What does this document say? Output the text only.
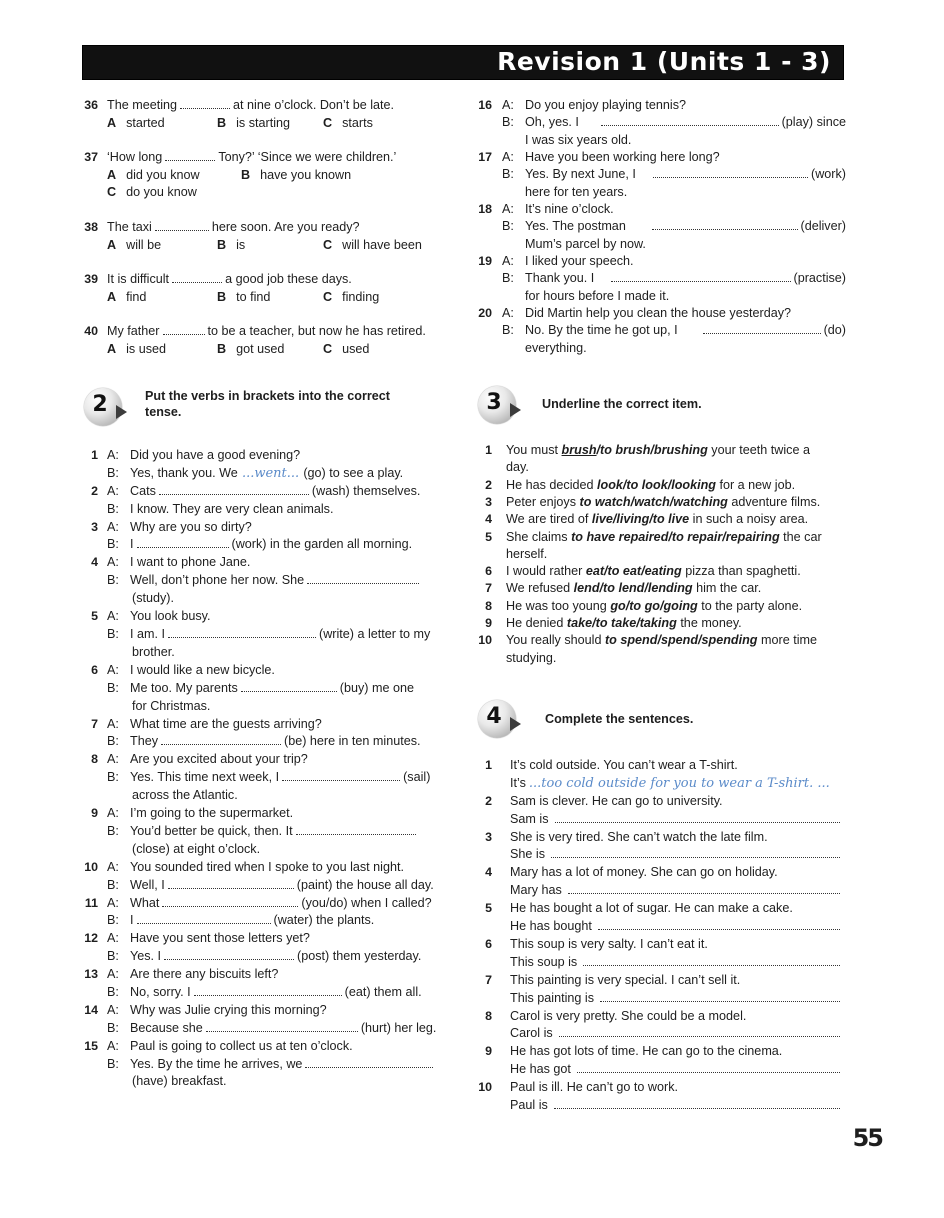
Revision 1 (Units 1 - 3)
36 The meeting	at nine o’clock. Don’t be late.
A started	B is starting	C starts
37 ‘How long	Tony?’ ‘Since we were children.’
A did you know	B have you known
C do you know
38 The taxi	here soon. Are you ready?
A will be	B is	C will have been
39 It is difficult	a good job these days.
A find	B to find	C finding
40 My father	to be a teacher, but now he has retired.
A is used	B got used	C used
16 A: Do you enjoy playing tennis?
B: Oh, yes. I	(play) since
I was six years old.
17 A: Have you been working here long?
B: Yes. By next June, I	(work)
here for ten years.
18 A: It’s nine o’clock.
B: Yes. The postman	(deliver)
Mum’s parcel by now.
19 A: I liked your speech.
B: Thank you. I	(practise)
for hours before I made it.
20 A: Did Martin help you clean the house yesterday?
B: No. By the time he got up, I	(do)
everything.
2	Put the verbs in brackets into the correct
tense.
1 A: Did you have a good evening?
B: Yes, thank you. We ...went... (go) to see a play.
2 A: Cats	(wash) themselves.
B: I know. They are very clean animals.
3 A: Why are you so dirty?
B: I	(work) in the garden all morning.
4 A: I want to phone Jane.
B: Well, don’t phone her now. She
(study).
5 A: You look busy.
B: I am. I	(write) a letter to my
brother.
6 A: I would like a new bicycle.
B: Me too. My parents	(buy) me one
for Christmas.
7 A: What time are the guests arriving?
B: They	(be) here in ten minutes.
8 A: Are you excited about your trip?
B: Yes. This time next week, I	(sail)
across the Atlantic.
9 A: I’m going to the supermarket.
B: You’d better be quick, then. It
(close) at eight o’clock.
10 A: You sounded tired when I spoke to you last night.
B: Well, I	(paint) the house all day.
11 A: What	(you/do) when I called?
B: I	(water) the plants.
12 A: Have you sent those letters yet?
B: Yes. I	(post) them yesterday.
13 A: Are there any biscuits left?
B: No, sorry. I	(eat) them all.
14 A: Why was Julie crying this morning?
B: Because she	(hurt) her leg.
15 A: Paul is going to collect us at ten o’clock.
B: Yes. By the time he arrives, we
(have) breakfast.
3	Underline the correct item.
1 You must brush/to brush/brushing your teeth twice a
day.
2 He has decided look/to look/looking for a new job.
3 Peter enjoys to watch/watch/watching adventure films.
4 We are tired of live/living/to live in such a noisy area.
5 She claims to have repaired/to repair/repairing the car
herself.
6 I would rather eat/to eat/eating pizza than spaghetti.
7 We refused lend/to lend/lending him the car.
8 He was too young go/to go/going to the party alone.
9 He denied take/to take/taking the money.
10 You really should to spend/spend/spending more time
studying.
4	Complete the sentences.
1 It’s cold outside. You can’t wear a T-shirt.
It’s ...too cold outside for you to wear a T-shirt. ...
2 Sam is clever. He can go to university.
Sam is
3 She is very tired. She can’t watch the late film.
She is
4 Mary has a lot of money. She can go on holiday.
Mary has
5 He has bought a lot of sugar. He can make a cake.
He has bought
6 This soup is very salty. I can’t eat it.
This soup is
7 This painting is very special. I can’t sell it.
This painting is
8 Carol is very pretty. She could be a model.
Carol is
9 He has got lots of time. He can go to the cinema.
He has got
10 Paul is ill. He can’t go to work.
Paul is
55
